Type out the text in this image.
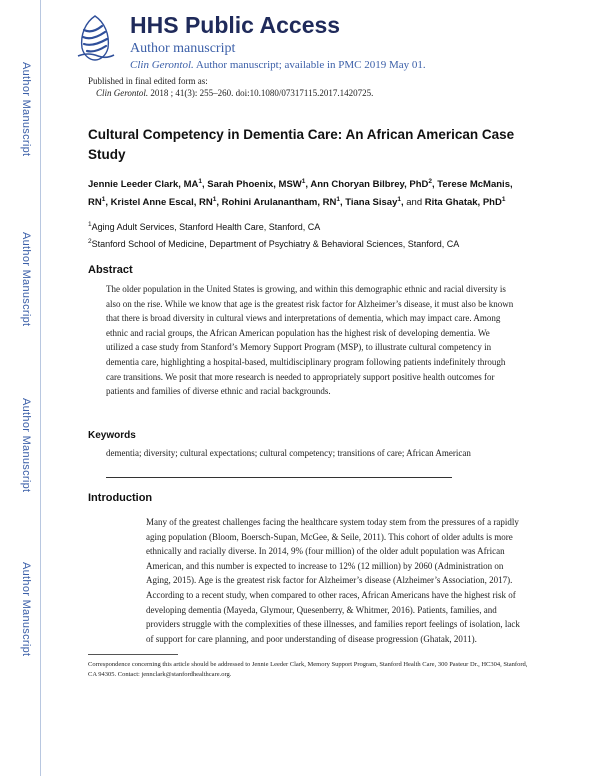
Author Manuscript
Author Manuscript
Author Manuscript
Author Manuscript
HHS Public Access
Author manuscript
Clin Gerontol. Author manuscript; available in PMC 2019 May 01.
Published in final edited form as:
Clin Gerontol. 2018 ; 41(3): 255–260. doi:10.1080/07317115.2017.1420725.
Cultural Competency in Dementia Care: An African American Case Study
Jennie Leeder Clark, $MA^1$, Sarah Phoenix, MSW$^1$, Ann Choryan Bilbrey, PhD$^2$, Terese McManis, $RN^1$, Kristel Anne Escal, $RN^1$, Rohini Arulanantham, $RN^1$, Tiana Sisay$^1$, and Rita Ghatak, PhD$^1$
$^1$Aging Adult Services, Stanford Health Care, Stanford, CA
$^2$Stanford School of Medicine, Department of Psychiatry & Behavioral Sciences, Stanford, CA
Abstract
The older population in the United States is growing, and within this demographic ethnic and racial diversity is also on the rise. While we know that age is the greatest risk factor for Alzheimer’s disease, it must also be known that there is broad diversity in cultural views and interpretations of dementia, which may impact care. Among ethnic and racial groups, the African American population has the highest risk of developing dementia. We utilized a case study from Stanford’s Memory Support Program (MSP), to illustrate cultural competency in dementia care, highlighting a hospital-based, multidisciplinary program following patients indefinitely through care transitions. We posit that more research is needed to appropriately support positive health outcomes for patients and families of diverse ethnic and racial backgrounds.
Keywords
dementia; diversity; cultural expectations; cultural competency; transitions of care; African American
Introduction
Many of the greatest challenges facing the healthcare system today stem from the pressures of a rapidly aging population (Bloom, Boersch-Supan, McGee, & Seile, 2011). This cohort of older adults is more ethnically and racially diverse. In 2014, 9% (four million) of the older adult population was African American, and this number is expected to increase to 12% (12 million) by 2060 (Administration on Aging, 2015). Age is the greatest risk factor for Alzheimer’s disease (Alzheimer’s Association, 2017). According to a recent study, when compared to other races, African Americans have the highest risk of developing dementia (Mayeda, Glymour, Quesenberry, & Whitmer, 2016). Patients, families, and providers struggle with the complexities of these illnesses, and families report feelings of isolation, lack of support for care planning, and poor understanding of disease progression (Ghatak, 2011).
Correspondence concerning this article should be addressed to Jennie Leeder Clark, Memory Support Program, Stanford Health Care, 300 Pasteur Dr., HC304, Stanford, CA 94305. Contact: jennclark@stanfordhealthcare.org.
